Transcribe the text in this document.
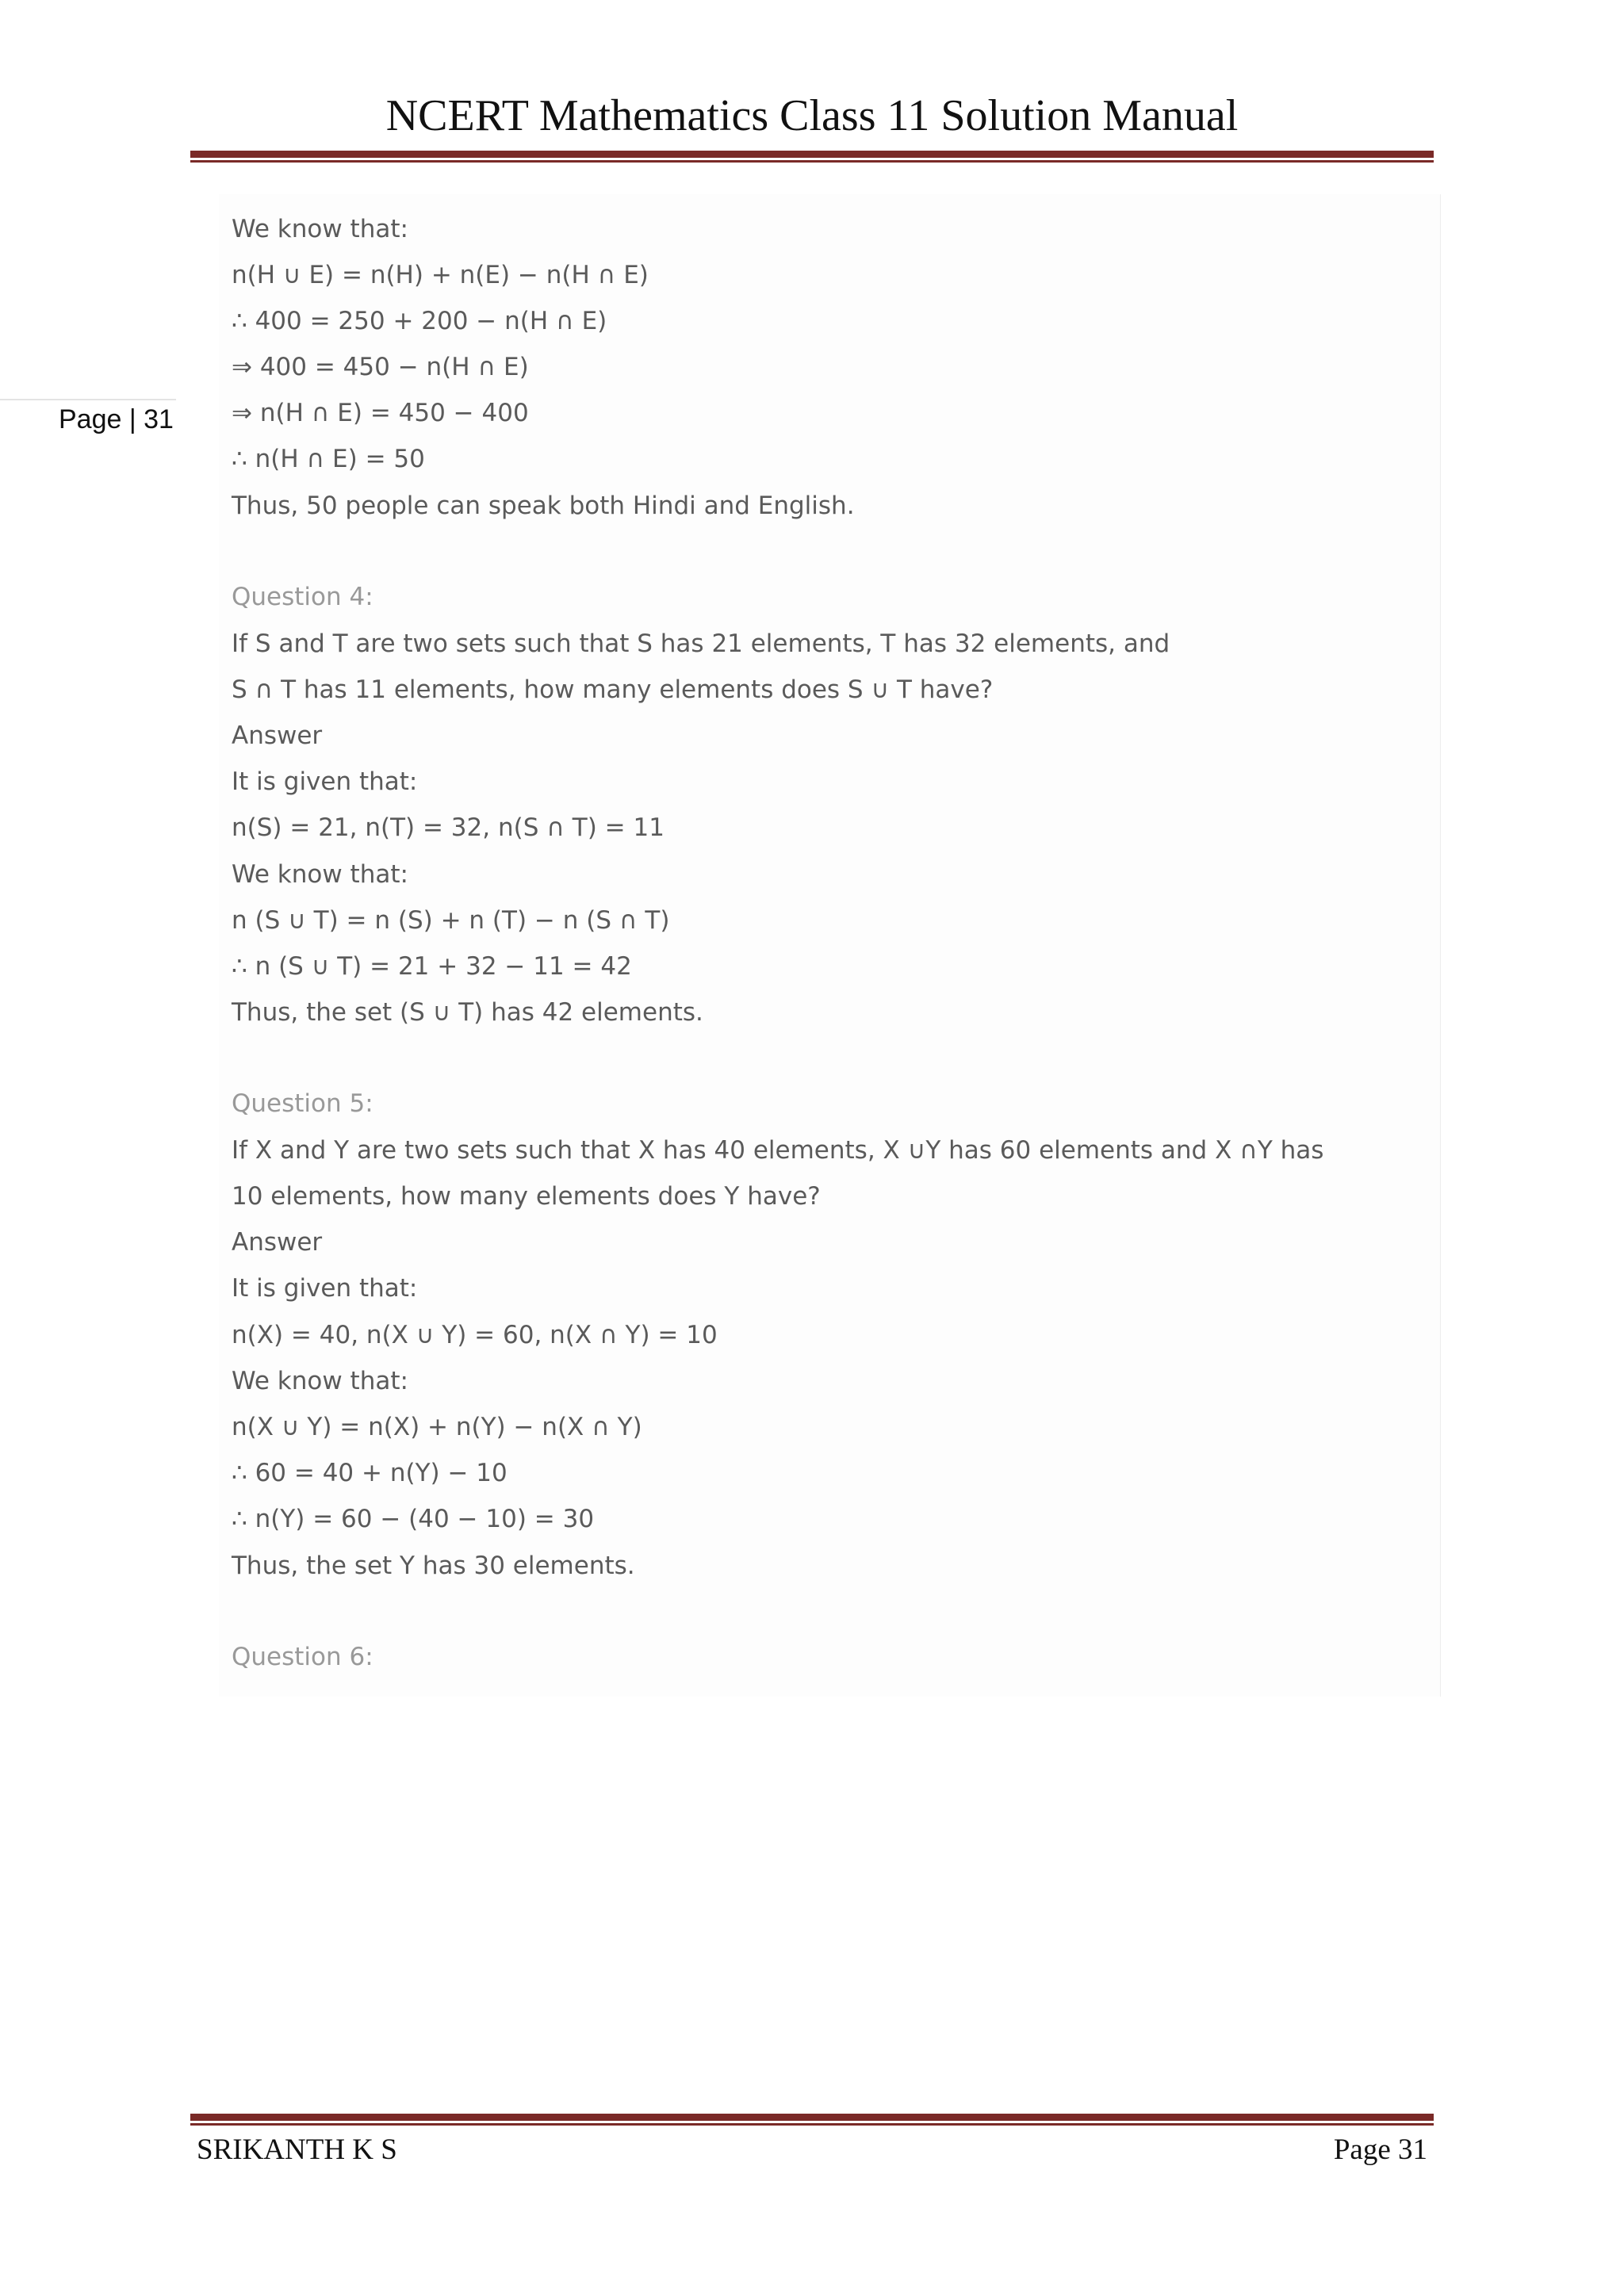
NCERT Mathematics Class 11 Solution Manual
Page | 31
We know that:
n(H ∪ E) = n(H) + n(E) − n(H ∩ E)
∴ 400 = 250 + 200 − n(H ∩ E)
⇒ 400 = 450 − n(H ∩ E)
⇒ n(H ∩ E) = 450 − 400
∴ n(H ∩ E) = 50
Thus, 50 people can speak both Hindi and English.
Question 4:
If S and T are two sets such that S has 21 elements, T has 32 elements, and
S ∩ T has 11 elements, how many elements does S ∪ T have?
Answer
It is given that:
n(S) = 21, n(T) = 32, n(S ∩ T) = 11
We know that:
n (S ∪ T) = n (S) + n (T) − n (S ∩ T)
∴ n (S ∪ T) = 21 + 32 − 11 = 42
Thus, the set (S ∪ T) has 42 elements.
Question 5:
If X and Y are two sets such that X has 40 elements, X ∪Y has 60 elements and X ∩Y has
10 elements, how many elements does Y have?
Answer
It is given that:
n(X) = 40, n(X ∪ Y) = 60, n(X ∩ Y) = 10
We know that:
n(X ∪ Y) = n(X) + n(Y) − n(X ∩ Y)
∴ 60 = 40 + n(Y) − 10
∴ n(Y) = 60 − (40 − 10) = 30
Thus, the set Y has 30 elements.
Question 6:
SRIKANTH K S	Page 31
